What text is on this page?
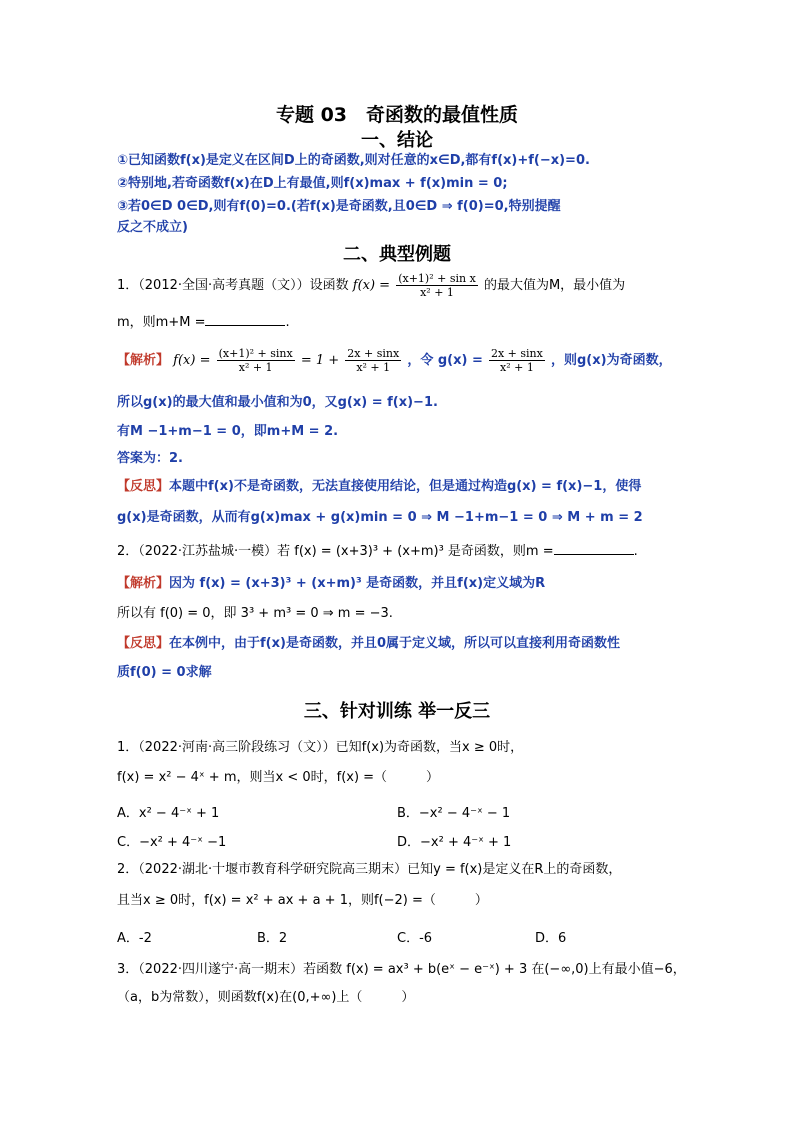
专题 03　奇函数的最值性质
一、结论
①已知函数f(x)是定义在区间D上的奇函数,则对任意的x∈D,都有f(x)+f(−x)=0.
②特别地,若奇函数f(x)在D上有最值,则f(x)max + f(x)min = 0;
③若0∈D 0∈D,则有f(0)=0.(若f(x)是奇函数,且0∈D ⇒ f(0)=0,特别提醒
反之不成立)
二、典型例题
1．（2012·全国·高考真题（文））设函数 $f(x) = \frac{\text{(x+1)² + sin x}}{\text{x² + 1}}$ 的最大值为M，最小值为
m，则m+M =	.
【解析】 $f(x) = \frac{\text{(x+1)² + sinx}}{\text{x² + 1}} = 1 + \frac{2x + \sin x}{\text{x² + 1}}$ ，令 $g(x) = \frac{2x + \sin x}{\text{x² + 1}}$ ，则g(x)为奇函数，
所以g(x)的最大值和最小值和为0，又g(x) = f(x)−1.
有M −1+m−1 = 0，即m+M = 2.
答案为：2.
【反思】本题中f(x)不是奇函数，无法直接使用结论，但是通过构造g(x) = f(x)−1，使得
g(x)是奇函数，从而有g(x)max + g(x)min = 0 ⇒ M −1+m−1 = 0 ⇒ M + m = 2
2．（2022·江苏盐城·一模）若 f(x) = (x+3)³ + (x+m)³ 是奇函数，则m =	.
【解析】因为 f(x) = (x+3)³ + (x+m)³ 是奇函数，并且f(x)定义域为R
所以有 f(0) = 0，即 3³ + m³ = 0 ⇒ m = −3.
【反思】在本例中，由于f(x)是奇函数，并且0属于定义域，所以可以直接利用奇函数性
质f(0) = 0求解
三、针对训练 举一反三
1．（2022·河南·高三阶段练习（文））已知f(x)为奇函数，当x ≥ 0时，
f(x) = x² − 4ˣ + m，则当x < 0时，f(x) =（　　　）
A．x² − 4⁻ˣ + 1	B．−x² − 4⁻ˣ − 1
C．−x² + 4⁻ˣ −1	D．−x² + 4⁻ˣ + 1
2．（2022·湖北·十堰市教育科学研究院高三期末）已知y = f(x)是定义在R上的奇函数，
且当x ≥ 0时，f(x) = x² + ax + a + 1，则f(−2) =（　　　）
A．-2	B．2	C．-6	D．6
3．（2022·四川遂宁·高一期末）若函数 f(x) = ax³ + b(eˣ − e⁻ˣ) + 3 在(−∞,0)上有最小值−6，
（a，b为常数），则函数f(x)在(0,+∞)上（　　　）
